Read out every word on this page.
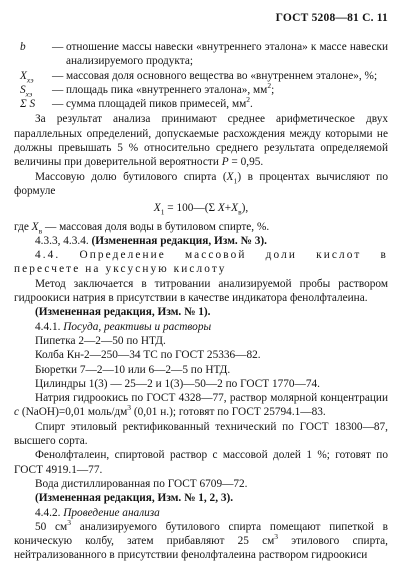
ГОСТ 5208—81 С. 11
b	—	отношение массы навески «внутреннего эталона» к массе навески анализируемого продукта;
$X_{xэ}$	—	массовая доля основного вещества во «внутреннем эталоне», %;
$S_{xэ}$	—	площадь пика «внутреннего эталона», $мм^2$;
Σ S	—	сумма площадей пиков примесей, $мм^2$.

За результат анализа принимают среднее арифметическое двух параллельных определений, допускаемые расхождения между которыми не должны превышать 5 % относительно среднего результата определяемой величины при доверительной вероятности P = 0,95.

Массовую долю бутилового спирта $(X_1)$ в процентах вычисляют по формуле

$X_1$ = 100—(Σ $X+X_в$),

где $X_в$ — массовая доля воды в бутиловом спирте, %.

4.3.3, 4.3.4. (Измененная редакция, Изм. № 3).

4.4. Определение массовой доли кислот в пересчете на уксусную кислоту

Метод заключается в титровании анализируемой пробы раствором гидроокиси натрия в присутствии в качестве индикатора фенолфталеина.

(Измененная редакция, Изм. № 1).

4.4.1. Посуда, реактивы и растворы

Пипетка 2—2—50 по НТД.

Колба Кн-2—250—34 ТС по ГОСТ 25336—82.

Бюретки 7—2—10 или 6—2—5 по НТД.

Цилиндры 1(3) — 25—2 и 1(3)—50—2 по ГОСТ 1770—74.

Натрия гидроокись по ГОСТ 4328—77, раствор молярной концентрации c (NaOH)=0,01 моль/$дм^3$ (0,01 н.); готовят по ГОСТ 25794.1—83.

Спирт этиловый ректификованный технический по ГОСТ 18300—87, высшего сорта.

Фенолфталеин, спиртовой раствор с массовой долей 1 %; готовят по ГОСТ 4919.1—77.

Вода дистиллированная по ГОСТ 6709—72.

(Измененная редакция, Изм. № 1, 2, 3).

4.4.2. Проведение анализа

50 $см^3$ анализируемого бутилового спирта помещают пипеткой в коническую колбу, затем прибавляют 25 $см^3$ этилового спирта, нейтрализованного в присутствии фенолфталеина раствором гидроокиси
